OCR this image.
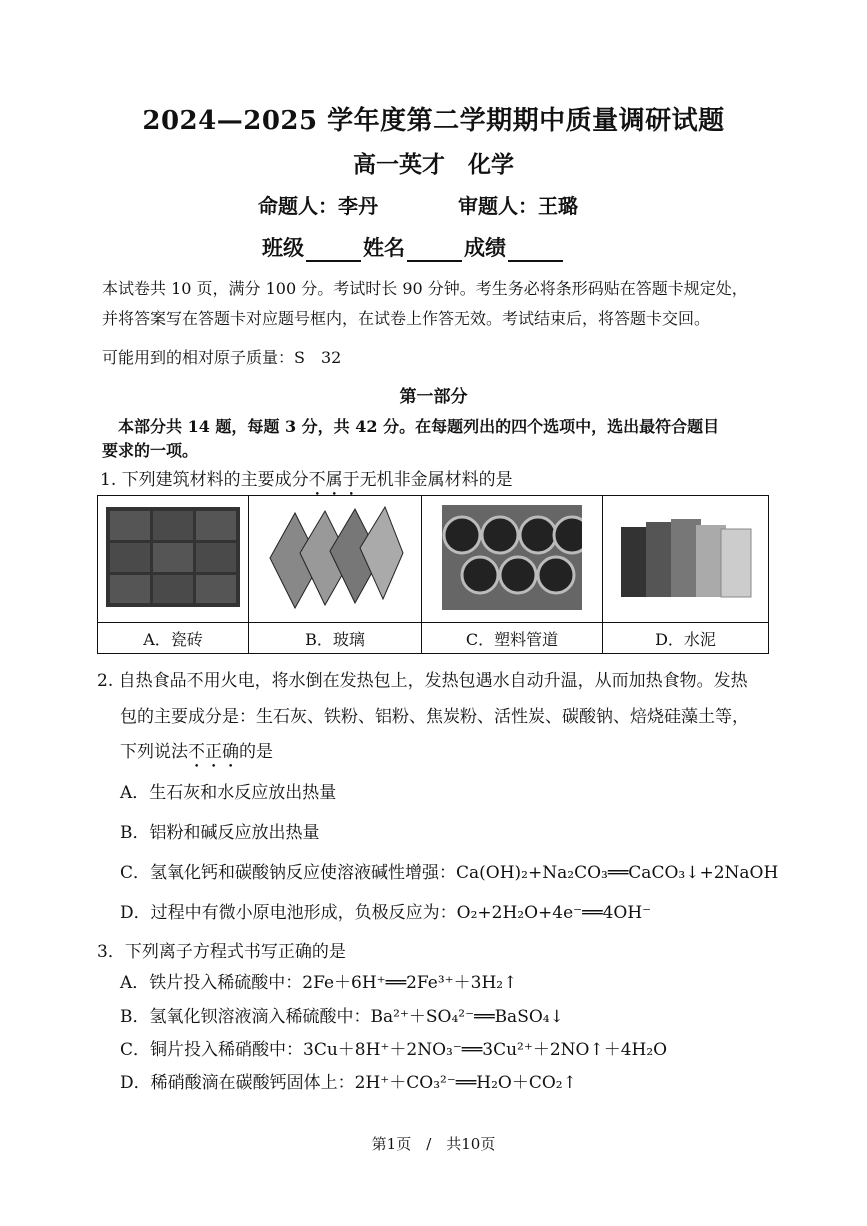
2024—2025 学年度第二学期期中质量调研试题
高一英才　化学
命题人：李丹	审题人：王璐
班级	姓名	成绩
本试卷共 10 页，满分 100 分。考试时长 90 分钟。考生务必将条形码贴在答题卡规定处，
并将答案写在答题卡对应题号框内，在试卷上作答无效。考试结束后，将答题卡交回。
可能用到的相对原子质量：S　32
第一部分
本部分共 14 题，每题 3 分，共 42 分。在每题列出的四个选项中，选出最符合题目
要求的一项。
1. 下列建筑材料的主要成分不属于无机非金属材料的是

A．瓷砖	B．玻璃	C．塑料管道	D．水泥
2. 自热食品不用火电，将水倒在发热包上，发热包遇水自动升温，从而加热食物。发热
包的主要成分是：生石灰、铁粉、铝粉、焦炭粉、活性炭、碳酸钠、焙烧硅藻土等，
下列说法不正确的是
A．生石灰和水反应放出热量
B．铝粉和碱反应放出热量
C．氢氧化钙和碳酸钠反应使溶液碱性增强：Ca(OH)₂+Na₂CO₃══CaCO₃↓+2NaOH
D．过程中有微小原电池形成，负极反应为：O₂+2H₂O+4e⁻══4OH⁻
3．下列离子方程式书写正确的是
A．铁片投入稀硫酸中：2Fe＋6H⁺══2Fe³⁺＋3H₂↑
B．氢氧化钡溶液滴入稀硫酸中：Ba²⁺＋SO₄²⁻══BaSO₄↓
C．铜片投入稀硝酸中：3Cu＋8H⁺＋2NO₃⁻══3Cu²⁺＋2NO↑＋4H₂O
D．稀硝酸滴在碳酸钙固体上：2H⁺＋CO₃²⁻══H₂O＋CO₂↑
第1页　/　共10页
